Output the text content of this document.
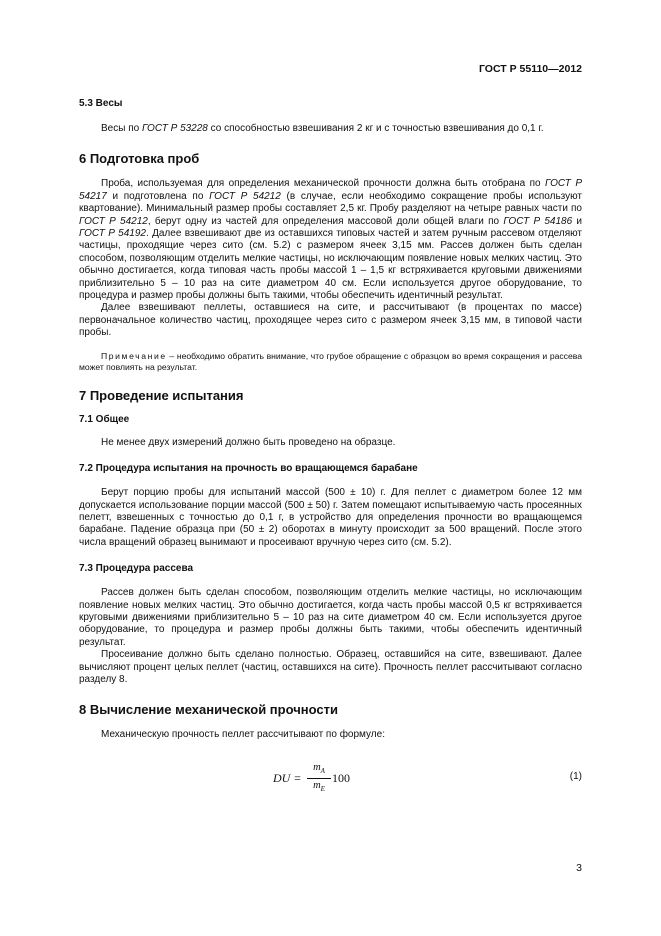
ГОСТ Р 55110—2012
5.3 Весы

Весы по ГОСТ Р 53228 со способностью взвешивания 2 кг и с точностью взвешивания до 0,1 г.

6 Подготовка проб

Проба, используемая для определения механической прочности должна быть отобрана по ГОСТ Р 54217 и подготовлена по ГОСТ Р 54212 (в случае, если необходимо сокращение пробы используют квартование). Минимальный размер пробы составляет 2,5 кг. Пробу разделяют на четыре равных части по ГОСТ Р 54212, берут одну из частей для определения массовой доли общей влаги по ГОСТ Р 54186 и ГОСТ Р 54192. Далее взвешивают две из оставшихся типовых частей и затем ручным рассевом отделяют частицы, проходящие через сито (см. 5.2) с размером ячеек 3,15 мм. Рассев должен быть сделан способом, позволяющим отделить мелкие частицы, но исключающим появление новых мелких частиц. Это обычно достигается, когда типовая часть пробы массой 1 – 1,5 кг встряхивается круговыми движениями приблизительно 5 – 10 раз на сите диаметром 40 см. Если используется другое оборудование, то процедура и размер пробы должны быть такими, чтобы обеспечить идентичный результат.

Далее взвешивают пеллеты, оставшиеся на сите, и рассчитывают (в процентах по массе) первоначальное количество частиц, проходящее через сито с размером ячеек 3,15 мм, в типовой части пробы.

Примечание – необходимо обратить внимание, что грубое обращение с образцом во время сокращения и рассева может повлиять на результат.

7 Проведение испытания
7.1 Общее

Не менее двух измерений должно быть проведено на образце.

7.2 Процедура испытания на прочность во вращающемся барабане

Берут порцию пробы для испытаний массой (500 ± 10) г. Для пеллет с диаметром более 12 мм допускается использование порции массой (500 ± 50) г. Затем помещают испытываемую часть просеянных пелетт, взвешенных с точностью до 0,1 г, в устройство для определения прочности во вращающемся барабане. Падение образца при (50 ± 2) оборотах в минуту происходит за 500 вращений. После этого числа вращений образец вынимают и просеивают вручную через сито (см. 5.2).

7.3 Процедура рассева

Рассев должен быть сделан способом, позволяющим отделить мелкие частицы, но исключающим появление новых мелких частиц. Это обычно достигается, когда часть пробы массой 0,5 кг встряхивается круговыми движениями приблизительно 5 – 10 раз на сите диаметром 40 см. Если используется другое оборудование, то процедура и размер пробы должны быть такими, чтобы обеспечить идентичный результат.

Просеивание должно быть сделано полностью. Образец, оставшийся на сите, взвешивают. Далее вычисляют процент целых пеллет (частиц, оставшихся на сите). Прочность пеллет рассчитывают согласно разделу 8.

8 Вычисление механической прочности

Механическую прочность пеллет рассчитывают по формуле:

DU =
$m_A$
$m_E$
100	(1)
3
